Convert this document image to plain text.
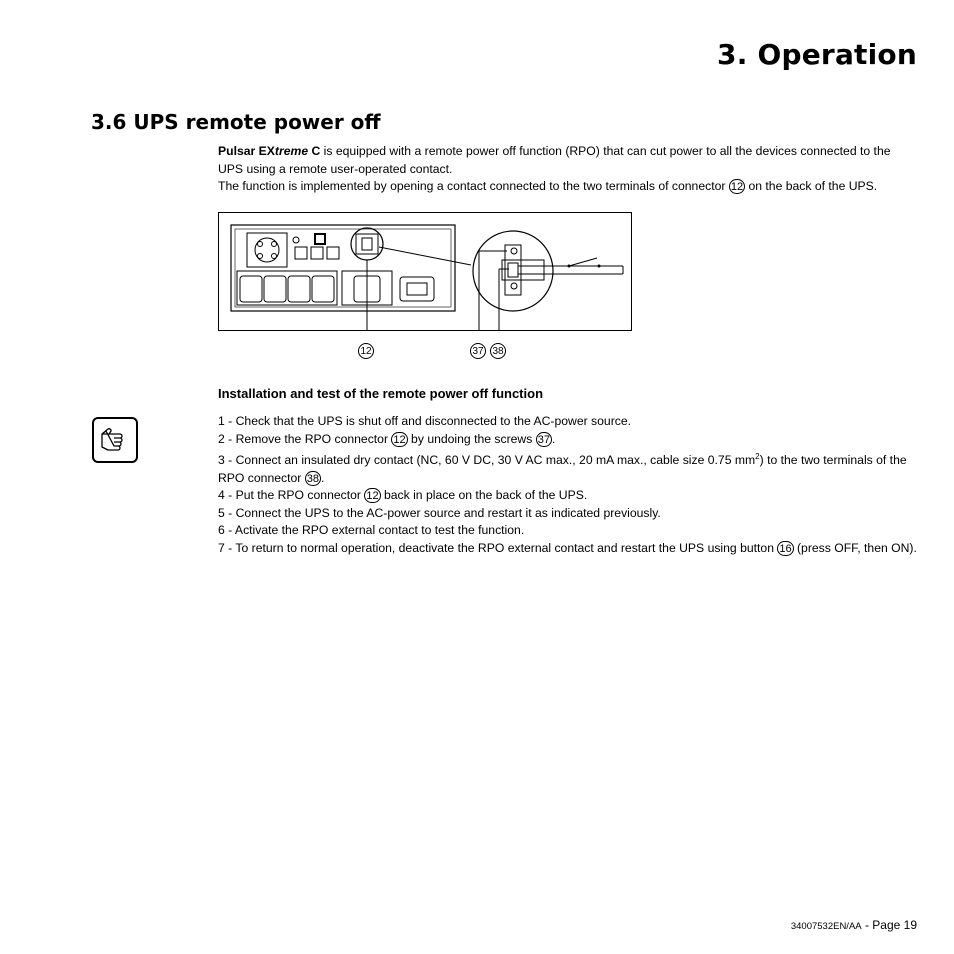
3. Operation
3.6 UPS remote power off
Pulsar EXtreme C is equipped with a remote power off function (RPO) that can cut power to all the devices connected to the UPS using a remote user-operated contact.
The function is implemented by opening a contact connected to the two terminals of connector 12 on the back of the UPS.
12	37 38
Installation and test of the remote power off function
1 - Check that the UPS is shut off and disconnected to the AC-power source.
2 - Remove the RPO connector 12 by undoing the screws 37 .
3 - Connect an insulated dry contact (NC, 60 V DC, 30 V AC max., 20 mA max., cable size 0.75 $mm^2$) to the two terminals of the RPO connector 38 .
4 - Put the RPO connector 12 back in place on the back of the UPS.
5 - Connect the UPS to the AC-power source and restart it as indicated previously.
6 - Activate the RPO external contact to test the function.
7 - To return to normal operation, deactivate the RPO external contact and restart the UPS using button 16 (press OFF, then ON).
34007532EN/AA - Page 19
